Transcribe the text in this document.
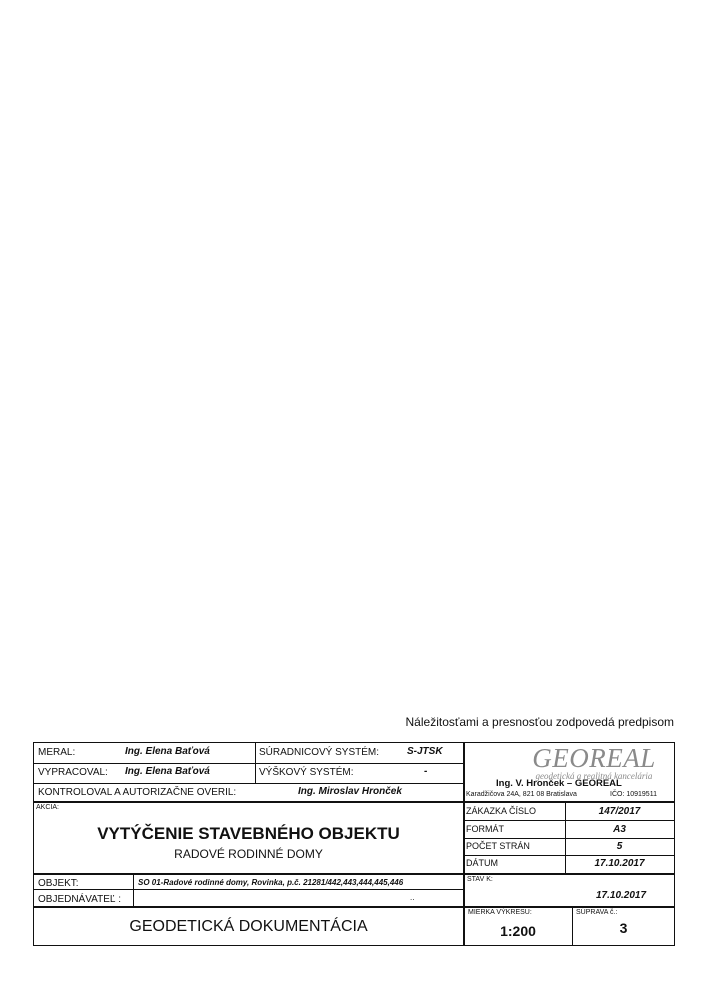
Náležitosťami a presnosťou zodpovedá predpisom
MERAL:	Ing. Elena Baťová	SÚRADNICOVÝ SYSTÉM:	S-JTSK
VYPRACOVAL: Ing. Elena Baťová	VÝŠKOVÝ SYSTÉM:	-
KONTROLOVAL A AUTORIZAČNE OVERIL:	Ing. Miroslav Hronček
GEOREAL
geodetická a realitná kancelária
Ing. V. Hronček – GEOREAL
Karadžičova 24A, 821 08 Bratislava	IČO: 10919511
AKCIA:
VYTÝČENIE STAVEBNÉHO OBJEKTU
RADOVÉ RODINNÉ DOMY
ZÁKAZKA ČÍSLO	147/2017
FORMÁT	A3
POČET STRÁN	5
DÁTUM	17.10.2017
OBJEKT:	SO 01-Radové rodinné domy, Rovinka, p.č. 21281/442,443,444,445,446
OBJEDNÁVATEĽ :	..
STAV K:
17.10.2017
GEODETICKÁ DOKUMENTÁCIA
MIERKA VÝKRESU:
1:200
SÚPRAVA č.:
3
